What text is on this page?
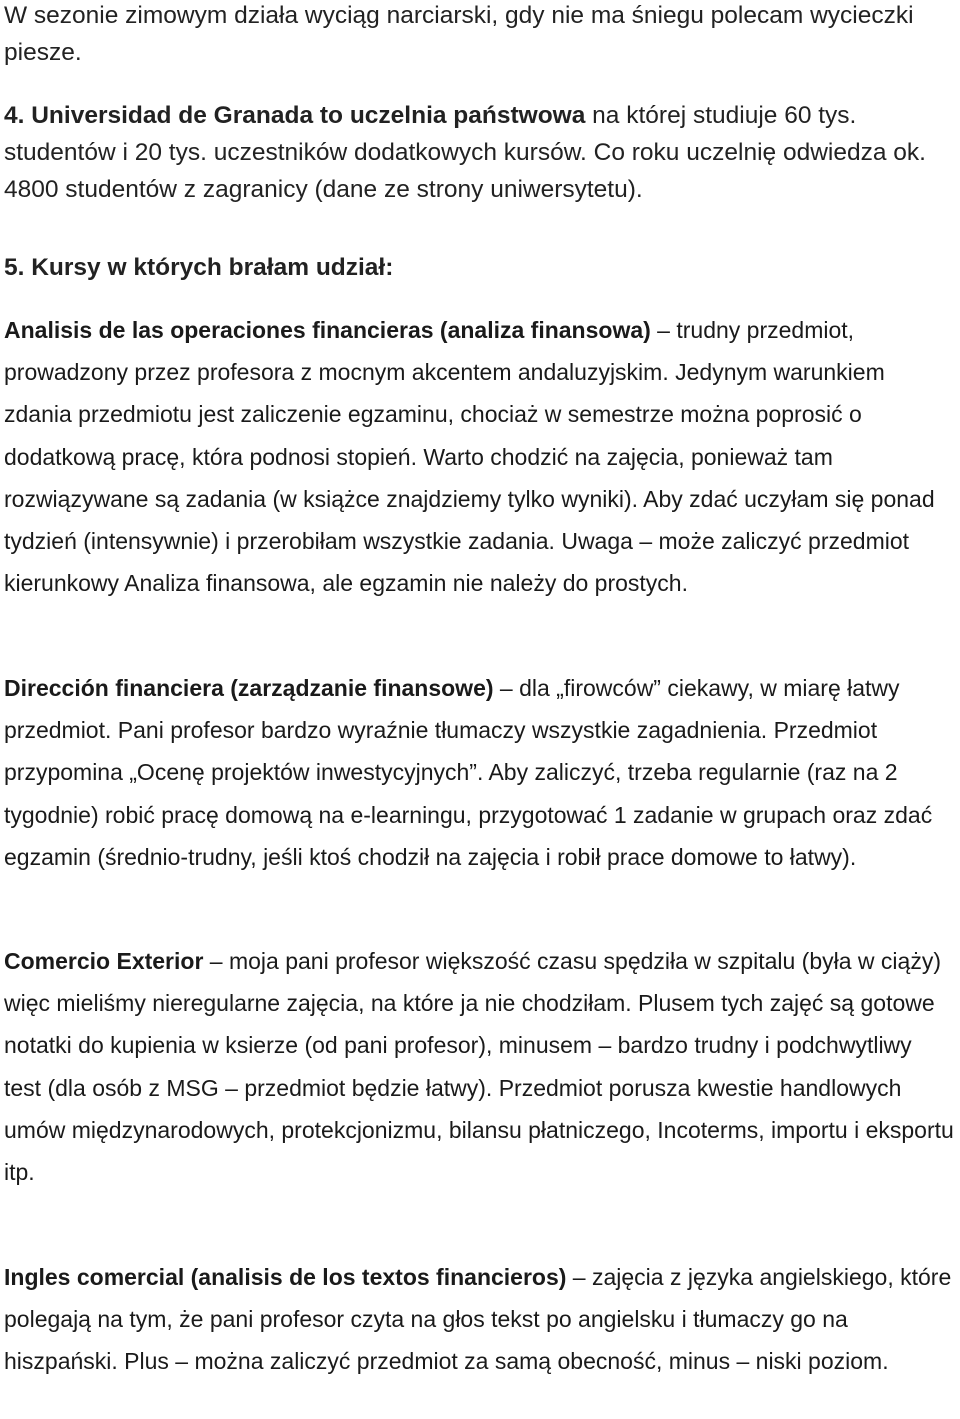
W sezonie zimowym działa wyciąg narciarski, gdy nie ma śniegu polecam wycieczki piesze.

4. Universidad de Granada to uczelnia państwowa na której studiuje 60 tys. studentów i 20 tys. uczestników dodatkowych kursów. Co roku uczelnię odwiedza ok. 4800 studentów z zagranicy (dane ze strony uniwersytetu).

5. Kursy w których brałam udział:

Analisis de las operaciones financieras (analiza finansowa) – trudny przedmiot, prowadzony przez profesora z mocnym akcentem andaluzyjskim. Jedynym warunkiem zdania przedmiotu jest zaliczenie egzaminu, chociaż w semestrze można poprosić o dodatkową pracę, która podnosi stopień. Warto chodzić na zajęcia, ponieważ tam rozwiązywane są zadania (w książce znajdziemy tylko wyniki). Aby zdać uczyłam się ponad tydzień (intensywnie) i przerobiłam wszystkie zadania. Uwaga – może zaliczyć przedmiot kierunkowy Analiza finansowa, ale egzamin nie należy do prostych.

Dirección financiera (zarządzanie finansowe) – dla „firowców” ciekawy, w miarę łatwy przedmiot. Pani profesor bardzo wyraźnie tłumaczy wszystkie zagadnienia. Przedmiot przypomina „Ocenę projektów inwestycyjnych”. Aby zaliczyć, trzeba regularnie (raz na 2 tygodnie) robić pracę domową na e-learningu, przygotować 1 zadanie w grupach oraz zdać egzamin (średnio-trudny, jeśli ktoś chodził na zajęcia i robił prace domowe to łatwy).

Comercio Exterior – moja pani profesor większość czasu spędziła w szpitalu (była w ciąży) więc mieliśmy nieregularne zajęcia, na które ja nie chodziłam. Plusem tych zajęć są gotowe notatki do kupienia w ksierze (od pani profesor), minusem – bardzo trudny i podchwytliwy test (dla osób z MSG – przedmiot będzie łatwy). Przedmiot porusza kwestie handlowych umów międzynarodowych, protekcjonizmu, bilansu płatniczego, Incoterms, importu i eksportu itp.

Ingles comercial (analisis de los textos financieros) – zajęcia z języka angielskiego, które polegają na tym, że pani profesor czyta na głos tekst po angielsku i tłumaczy go na hiszpański. Plus – można zaliczyć przedmiot za samą obecność, minus – niski poziom.
